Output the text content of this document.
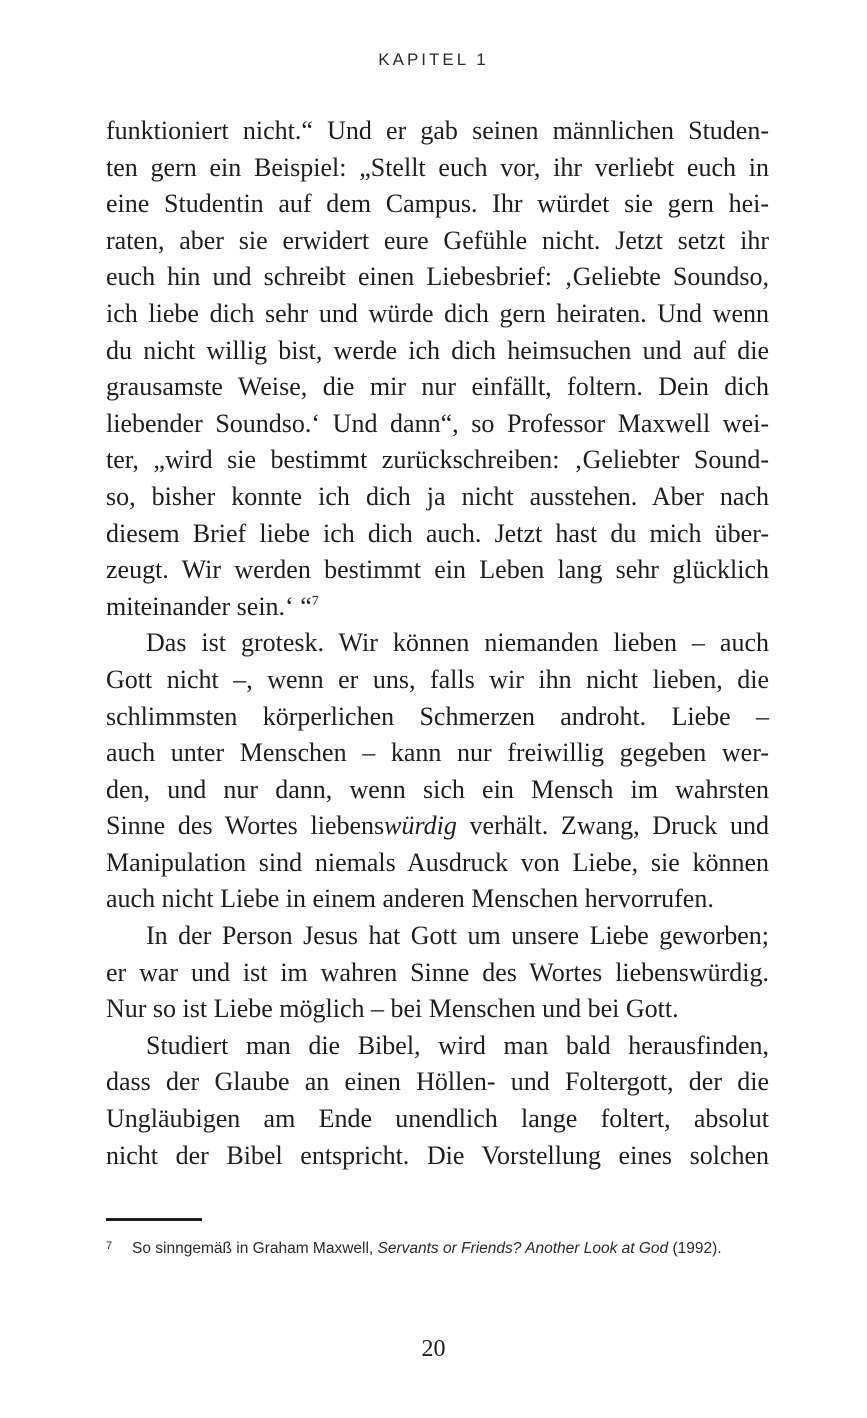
KAPITEL 1
funktioniert nicht.“ Und er gab seinen männlichen Studen-
ten gern ein Beispiel: „Stellt euch vor, ihr verliebt euch in
eine Studentin auf dem Campus. Ihr würdet sie gern hei-
raten, aber sie erwidert eure Gefühle nicht. Jetzt setzt ihr
euch hin und schreibt einen Liebesbrief: ‚Geliebte Soundso,
ich liebe dich sehr und würde dich gern heiraten. Und wenn
du nicht willig bist, werde ich dich heimsuchen und auf die
grausamste Weise, die mir nur einfällt, foltern. Dein dich
liebender Soundso.‘ Und dann“, so Professor Maxwell wei-
ter, „wird sie bestimmt zurückschreiben: ‚Geliebter Sound-
so, bisher konnte ich dich ja nicht ausstehen. Aber nach
diesem Brief liebe ich dich auch. Jetzt hast du mich über-
zeugt. Wir werden bestimmt ein Leben lang sehr glücklich
miteinander sein.‘ “$^7$
Das ist grotesk. Wir können niemanden lieben – auch
Gott nicht –, wenn er uns, falls wir ihn nicht lieben, die
schlimmsten körperlichen Schmerzen androht. Liebe –
auch unter Menschen – kann nur freiwillig gegeben wer-
den, und nur dann, wenn sich ein Mensch im wahrsten
Sinne des Wortes liebenswürdig verhält. Zwang, Druck und
Manipulation sind niemals Ausdruck von Liebe, sie können
auch nicht Liebe in einem anderen Menschen hervorrufen.
In der Person Jesus hat Gott um unsere Liebe geworben;
er war und ist im wahren Sinne des Wortes liebenswürdig.
Nur so ist Liebe möglich – bei Menschen und bei Gott.
Studiert man die Bibel, wird man bald herausfinden,
dass der Glaube an einen Höllen- und Foltergott, der die
Ungläubigen am Ende unendlich lange foltert, absolut
nicht der Bibel entspricht. Die Vorstellung eines solchen
7	So sinngemäß in Graham Maxwell, Servants or Friends? Another Look at God (1992).
20
